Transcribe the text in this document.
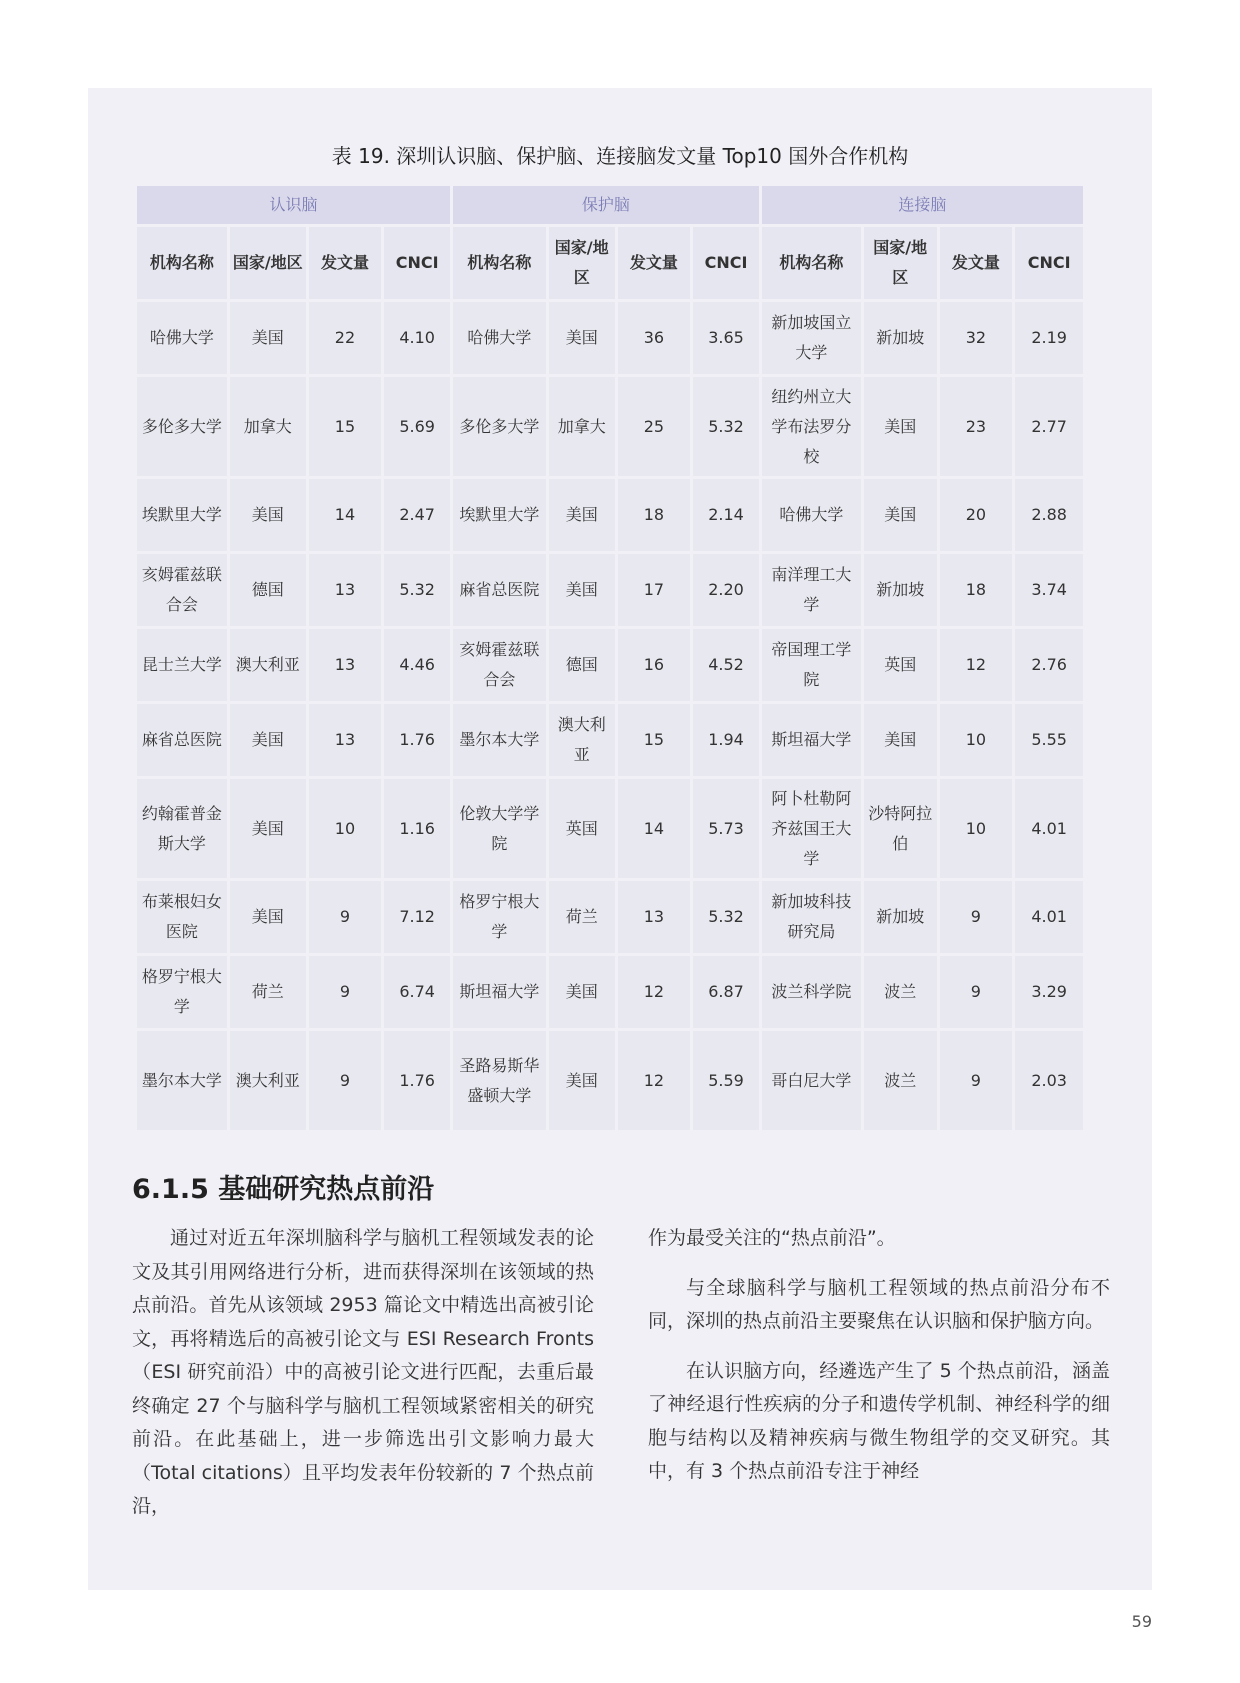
表 19. 深圳认识脑、保护脑、连接脑发文量 Top10 国外合作机构
认识脑				保护脑				连接脑			
机构名称	国家/地区	发文量	CNCI	机构名称	国家/地区	发文量	CNCI	机构名称	国家/地区	发文量	CNCI
哈佛大学	美国	22	4.10	哈佛大学	美国	36	3.65	新加坡国立大学	新加坡	32	2.19
多伦多大学	加拿大	15	5.69	多伦多大学	加拿大	25	5.32	纽约州立大学布法罗分校	美国	23	2.77
埃默里大学	美国	14	2.47	埃默里大学	美国	18	2.14	哈佛大学	美国	20	2.88
亥姆霍兹联合会	德国	13	5.32	麻省总医院	美国	17	2.20	南洋理工大学	新加坡	18	3.74
昆士兰大学	澳大利亚	13	4.46	亥姆霍兹联合会	德国	16	4.52	帝国理工学院	英国	12	2.76
麻省总医院	美国	13	1.76	墨尔本大学	澳大利亚	15	1.94	斯坦福大学	美国	10	5.55
约翰霍普金斯大学	美国	10	1.16	伦敦大学学院	英国	14	5.73	阿卜杜勒阿齐兹国王大学	沙特阿拉伯	10	4.01
布莱根妇女医院	美国	9	7.12	格罗宁根大学	荷兰	13	5.32	新加坡科技研究局	新加坡	9	4.01
格罗宁根大学	荷兰	9	6.74	斯坦福大学	美国	12	6.87	波兰科学院	波兰	9	3.29
墨尔本大学	澳大利亚	9	1.76	圣路易斯华盛顿大学	美国	12	5.59	哥白尼大学	波兰	9	2.03
6.1.5 基础研究热点前沿

通过对近五年深圳脑科学与脑机工程领域发表的论文及其引用网络进行分析，进而获得深圳在该领域的热点前沿。首先从该领域 2953 篇论文中精选出高被引论文，再将精选后的高被引论文与 ESI Research Fronts（ESI 研究前沿）中的高被引论文进行匹配，去重后最终确定 27 个与脑科学与脑机工程领域紧密相关的研究前沿。在此基础上，进一步筛选出引文影响力最大（Total citations）且平均发表年份较新的 7 个热点前沿，

作为最受关注的“热点前沿”。

与全球脑科学与脑机工程领域的热点前沿分布不同，深圳的热点前沿主要聚焦在认识脑和保护脑方向。

在认识脑方向，经遴选产生了 5 个热点前沿，涵盖了神经退行性疾病的分子和遗传学机制、神经科学的细胞与结构以及精神疾病与微生物组学的交叉研究。其中，有 3 个热点前沿专注于神经

59
